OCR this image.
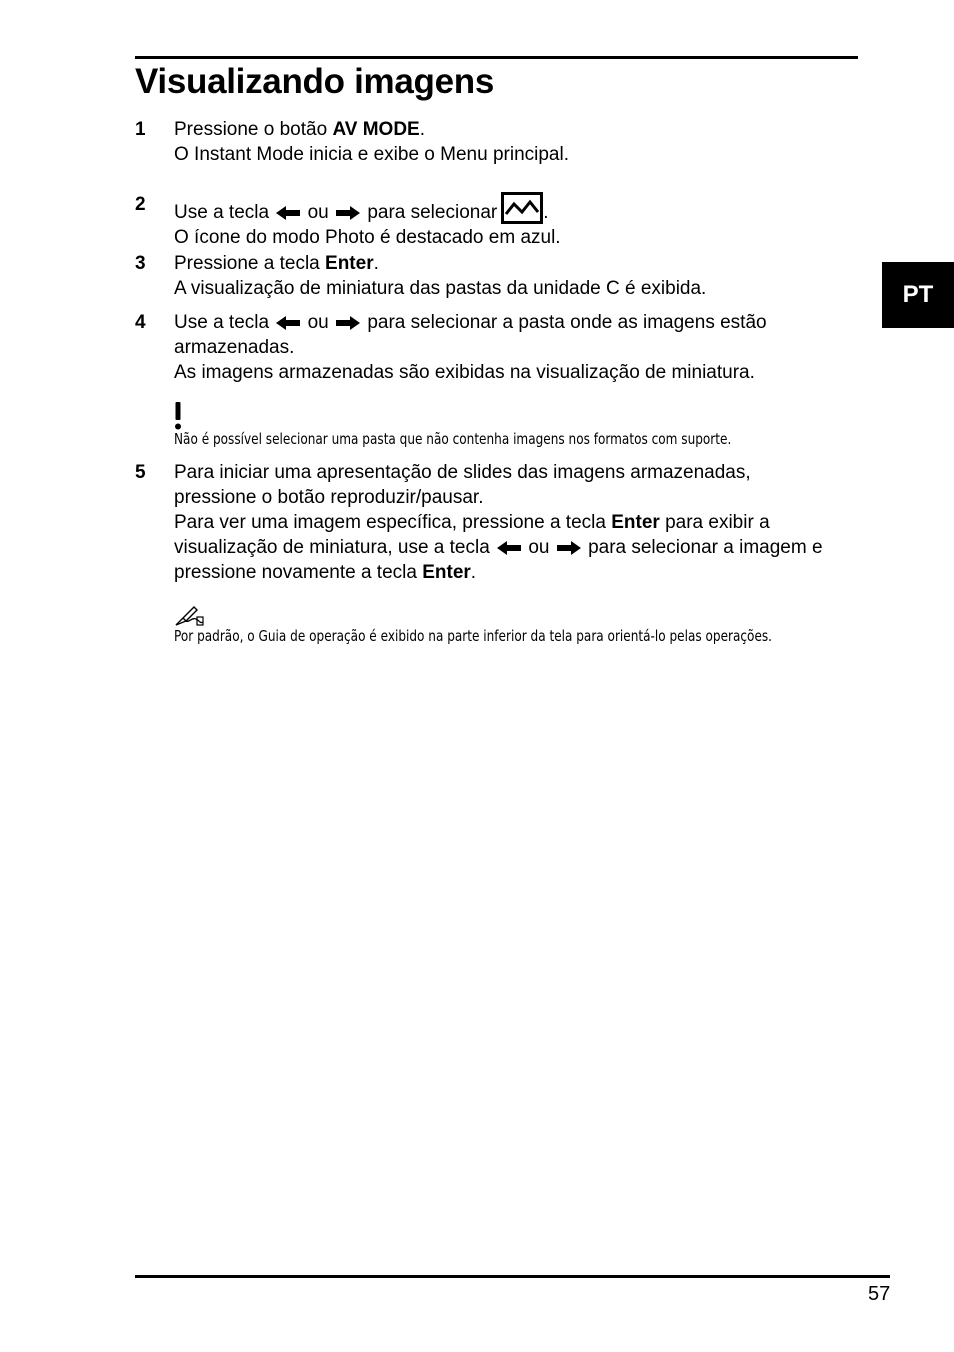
Visualizando imagens
PT
1	Pressione o botão AV MODE.
O Instant Mode inicia e exibe o Menu principal.
2	Use a tecla ou para selecionar .
O ícone do modo Photo é destacado em azul.
3	Pressione a tecla Enter.
A visualização de miniatura das pastas da unidade C é exibida.
4	Use a tecla ou para selecionar a pasta onde as imagens estão
armazenadas.
As imagens armazenadas são exibidas na visualização de miniatura.
Não é possível selecionar uma pasta que não contenha imagens nos formatos com suporte.
5	Para iniciar uma apresentação de slides das imagens armazenadas,
pressione o botão reproduzir/pausar.
Para ver uma imagem específica, pressione a tecla Enter para exibir a
visualização de miniatura, use a tecla ou para selecionar a imagem e
pressione novamente a tecla Enter.
Por padrão, o Guia de operação é exibido na parte inferior da tela para orientá-lo pelas operações.
57
